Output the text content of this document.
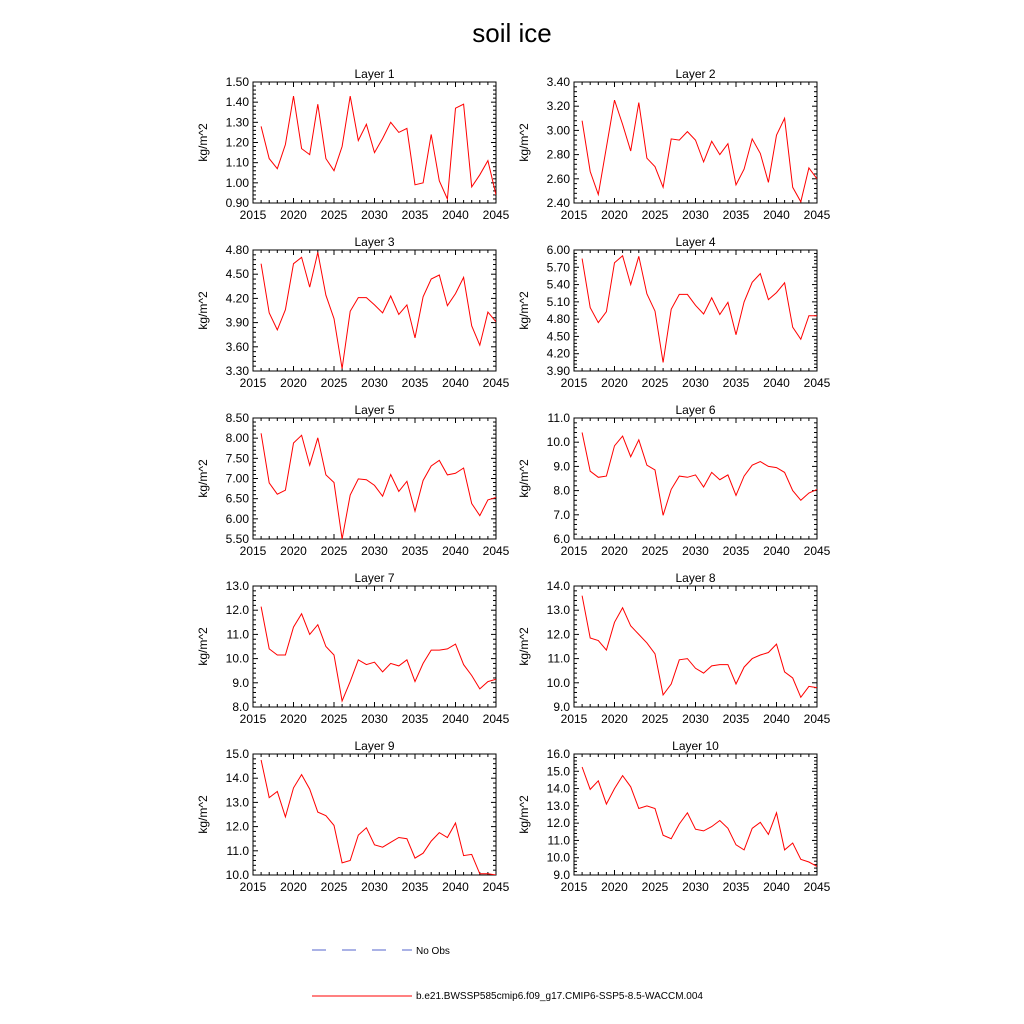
soil ice
Layer 1
2015 2020 2025 2030 2035 2040 2045
0.90
1.00
1.10
1.20
1.30
1.40
1.50
kg/m^2
Layer 2
2015 2020 2025 2030 2035 2040 2045
2.40
2.60
2.80
3.00
3.20
3.40
kg/m^2
Layer 3
2015 2020 2025 2030 2035 2040 2045
3.30
3.60
3.90
4.20
4.50
4.80
kg/m^2
Layer 4
2015 2020 2025 2030 2035 2040 2045
3.90
4.20
4.50
4.80
5.10
5.40
5.70
6.00
kg/m^2
Layer 5
2015 2020 2025 2030 2035 2040 2045
5.50
6.00
6.50
7.00
7.50
8.00
8.50
kg/m^2
Layer 6
2015 2020 2025 2030 2035 2040 2045
6.0
7.0
8.0
9.0
10.0
11.0
kg/m^2
Layer 7
2015 2020 2025 2030 2035 2040 2045
8.0
9.0
10.0
11.0
12.0
13.0
kg/m^2
Layer 8
2015 2020 2025 2030 2035 2040 2045
9.0
10.0
11.0
12.0
13.0
14.0
kg/m^2
Layer 9
2015 2020 2025 2030 2035 2040 2045
10.0
11.0
12.0
13.0
14.0
15.0
kg/m^2
Layer 10
2015 2020 2025 2030 2035 2040 2045
9.0
10.0
11.0
12.0
13.0
14.0
15.0
16.0
kg/m^2
No Obs
b.e21.BWSSP585cmip6.f09_g17.CMIP6-SSP5-8.5-WACCM.004
